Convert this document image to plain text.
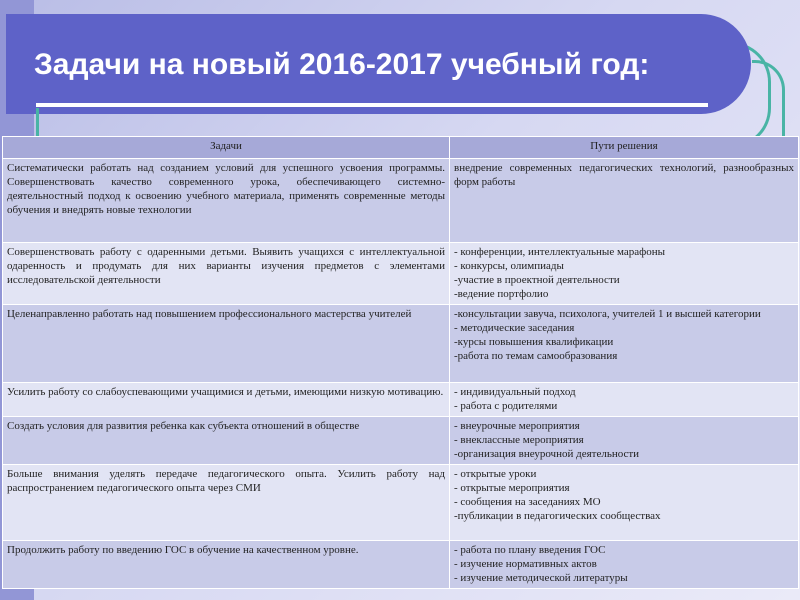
Задачи на новый 2016-2017 учебный год:
Задачи	Пути решения
Систематически работать над созданием условий для успешного усвоения программы. Совершенствовать качество современного урока, обеспечивающего системно- деятельностный подход к освоению учебного материала, применять современные методы обучения и внедрять новые технологии	внедрение современных педагогических технологий, разнообразных форм работы

Совершенствовать работу с одаренными детьми. Выявить учащихся с интеллектуальной одаренность и продумать для них варианты изучения предметов с элементами исследовательской деятельности	- конференции, интеллектуальные марафоны
- конкурсы, олимпиады
-участие в проектной деятельности
-ведение портфолио

Целенаправленно работать над повышением профессионального мастерства учителей	-консультации завуча, психолога, учителей 1 и высшей категории
- методические заседания
-курсы повышения квалификации
-работа по темам самообразования

Усилить работу со слабоуспевающими учащимися и детьми, имеющими низкую мотивацию.	- индивидуальный подход
- работа с родителями

Создать условия для развития ребенка как субъекта отношений в обществе	- внеурочные мероприятия
- внеклассные мероприятия
-организация внеурочной деятельности

Больше внимания уделять передаче педагогического опыта. Усилить работу над распространением педагогического опыта через СМИ	- открытые уроки
- открытые мероприятия
- сообщения на заседаниях МО
-публикации в педагогических сообществах

Продолжить работу по введению ГОС в обучение на качественном уровне.	- работа по плану введения ГОС
- изучение нормативных актов
- изучение методической литературы
